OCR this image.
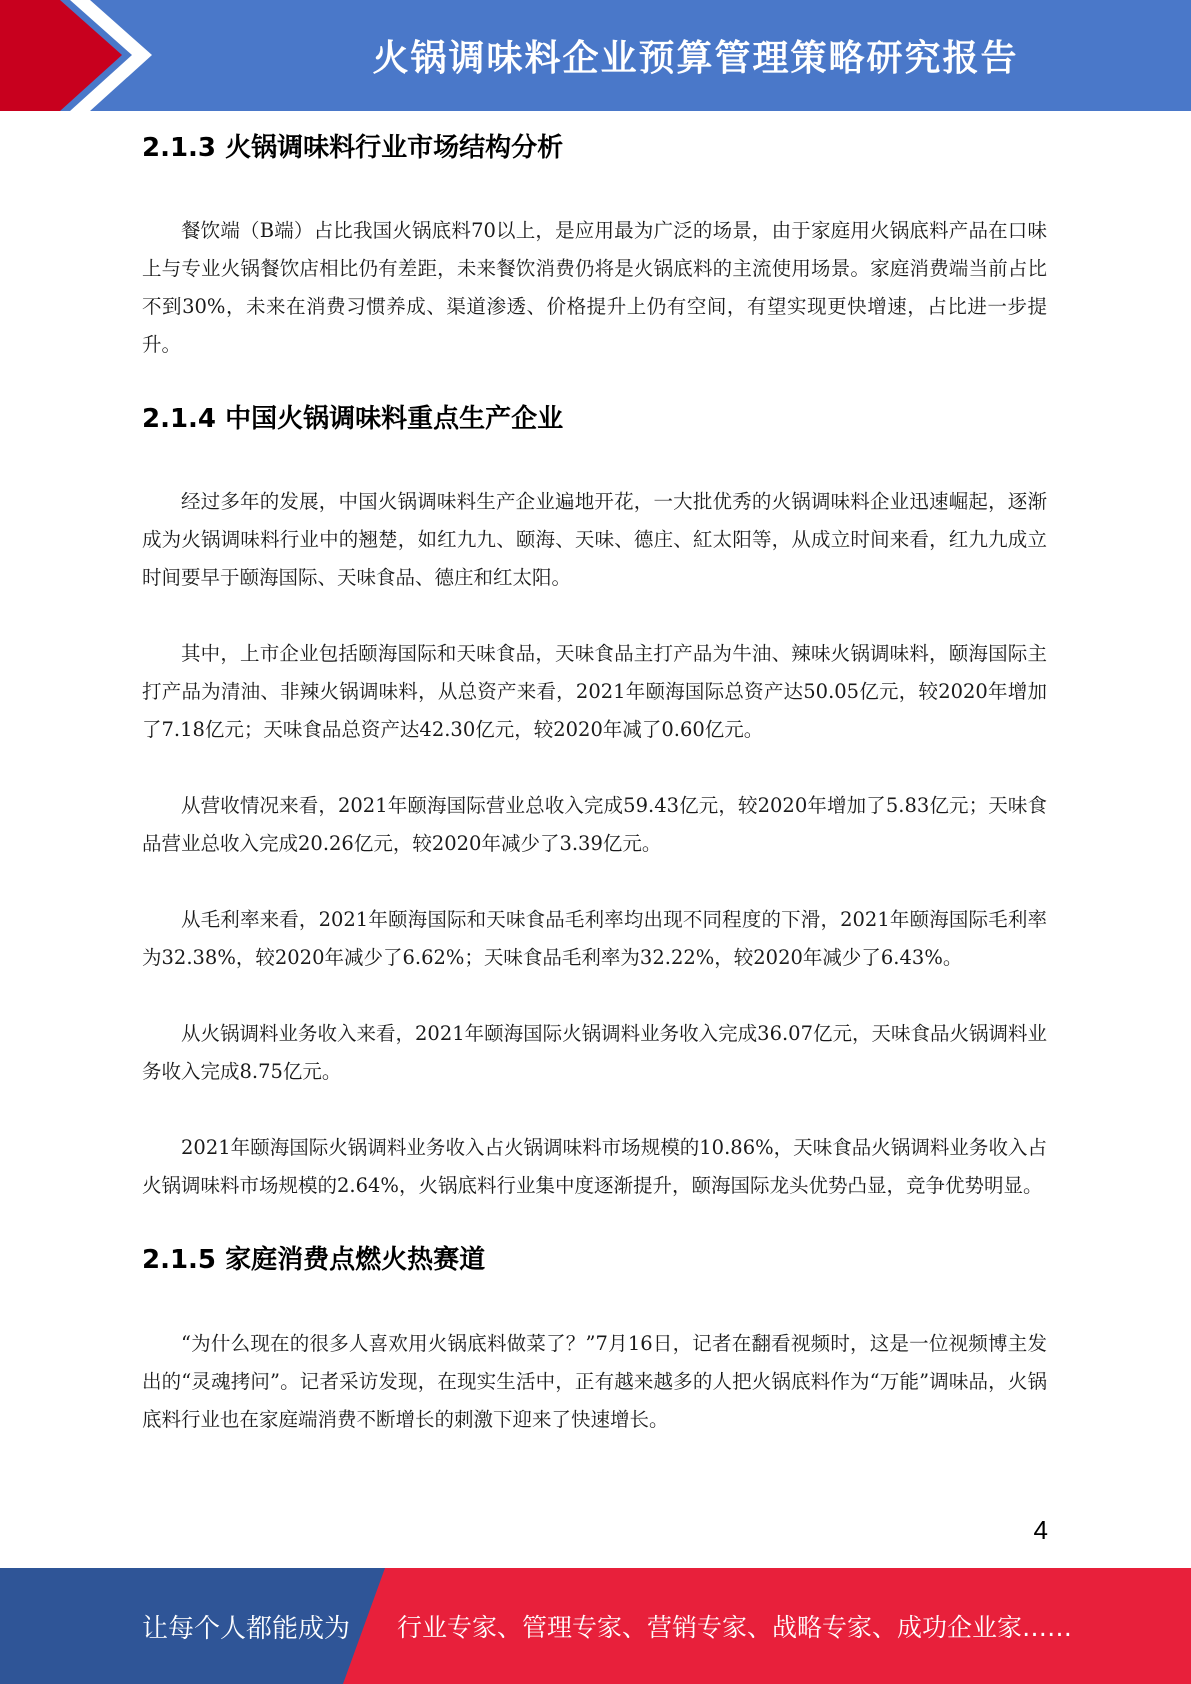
火锅调味料企业预算管理策略研究报告
2.1.3 火锅调味料行业市场结构分析

餐饮端（B端）占比我国火锅底料70以上，是应用最为广泛的场景，由于家庭用火锅底料产品在口味上与专业火锅餐饮店相比仍有差距，未来餐饮消费仍将是火锅底料的主流使用场景。家庭消费端当前占比不到30%，未来在消费习惯养成、渠道渗透、价格提升上仍有空间，有望实现更快增速，占比进一步提升。

2.1.4 中国火锅调味料重点生产企业

经过多年的发展，中国火锅调味料生产企业遍地开花，一大批优秀的火锅调味料企业迅速崛起，逐渐成为火锅调味料行业中的翘楚，如红九九、颐海、天味、德庄、紅太阳等，从成立时间来看，红九九成立时间要早于颐海国际、天味食品、德庄和红太阳。

其中，上市企业包括颐海国际和天味食品，天味食品主打产品为牛油、辣味火锅调味料，颐海国际主打产品为清油、非辣火锅调味料，从总资产来看，2021年颐海国际总资产达50.05亿元，较2020年增加了7.18亿元；天味食品总资产达42.30亿元，较2020年减了0.60亿元。

从营收情况来看，2021年颐海国际营业总收入完成59.43亿元，较2020年增加了5.83亿元；天味食品营业总收入完成20.26亿元，较2020年减少了3.39亿元。

从毛利率来看，2021年颐海国际和天味食品毛利率均出现不同程度的下滑，2021年颐海国际毛利率为32.38%，较2020年减少了6.62%；天味食品毛利率为32.22%，较2020年减少了6.43%。

从火锅调料业务收入来看，2021年颐海国际火锅调料业务收入完成36.07亿元，天味食品火锅调料业务收入完成8.75亿元。

2021年颐海国际火锅调料业务收入占火锅调味料市场规模的10.86%，天味食品火锅调料业务收入占火锅调味料市场规模的2.64%，火锅底料行业集中度逐渐提升，颐海国际龙头优势凸显，竞争优势明显。

2.1.5 家庭消费点燃火热赛道

“为什么现在的很多人喜欢用火锅底料做菜了？”7月16日，记者在翻看视频时，这是一位视频博主发出的“灵魂拷问”。记者采访发现，在现实生活中，正有越来越多的人把火锅底料作为“万能”调味品，火锅底料行业也在家庭端消费不断增长的刺激下迎来了快速增长。

4
让每个人都能成为 行业专家、管理专家、营销专家、战略专家、成功企业家……
